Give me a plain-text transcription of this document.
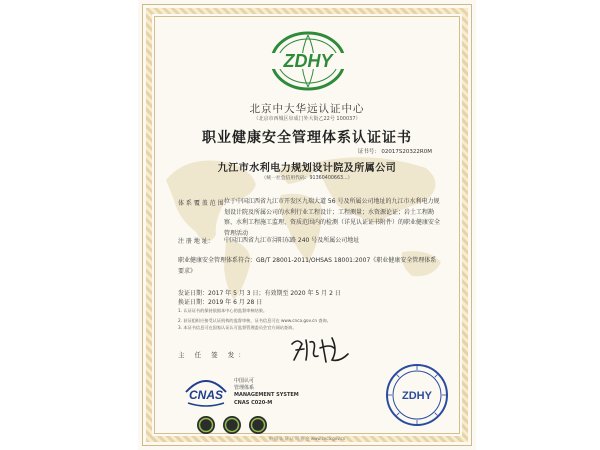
ZDHY
北京中大华远认证中心
（北京市西城区阜成门外大街乙22号 100037）
职业健康安全管理体系认证证书
证书号： 02017S20322R0M
九江市水利电力规划设计院及所属公司
（统一社会信用代码：91360400663...）
体 系 覆 盖 范 围：
位于中国江西省九江市开发区九瑞大道 56 号及所属公司地址的九江市水利电力规划设计院及所属公司的水利行业工程设计；工程测量；水资源论证；岩土工程勘察、水利工程施工监理、资质范围内的检测（详见认证证书附件）的职业健康安全管理活动
注 册 地 址： 中国江西省九江市浔阳东路 240 号及所属公司地址
职业健康安全管理体系符合：GB/T 28001-2011/OHSAS 18001:2007《职业健康安全管理体系 要求》
发证日期：2017 年 5 月 3 日；有效期至 2020 年 5 月 2 日
换证日期：2019 年 6 月 28 日
1. 认证证书的保持依据本中心的监督审核结果。
2. 获证组织应接受认证机构的监督审核，证书信息可在 www.cnca.gov.cn 查询。
3. 本证书信息可在国家认证认可监督管理委员会官方网站查询。
主 任 签 发：
CNAS
中国认可
管理体系
MANAGEMENT SYSTEM
CNAS C020-M
ZDHY
中 国 认 证 认 可 协 会 www.cnca.gov.cn
